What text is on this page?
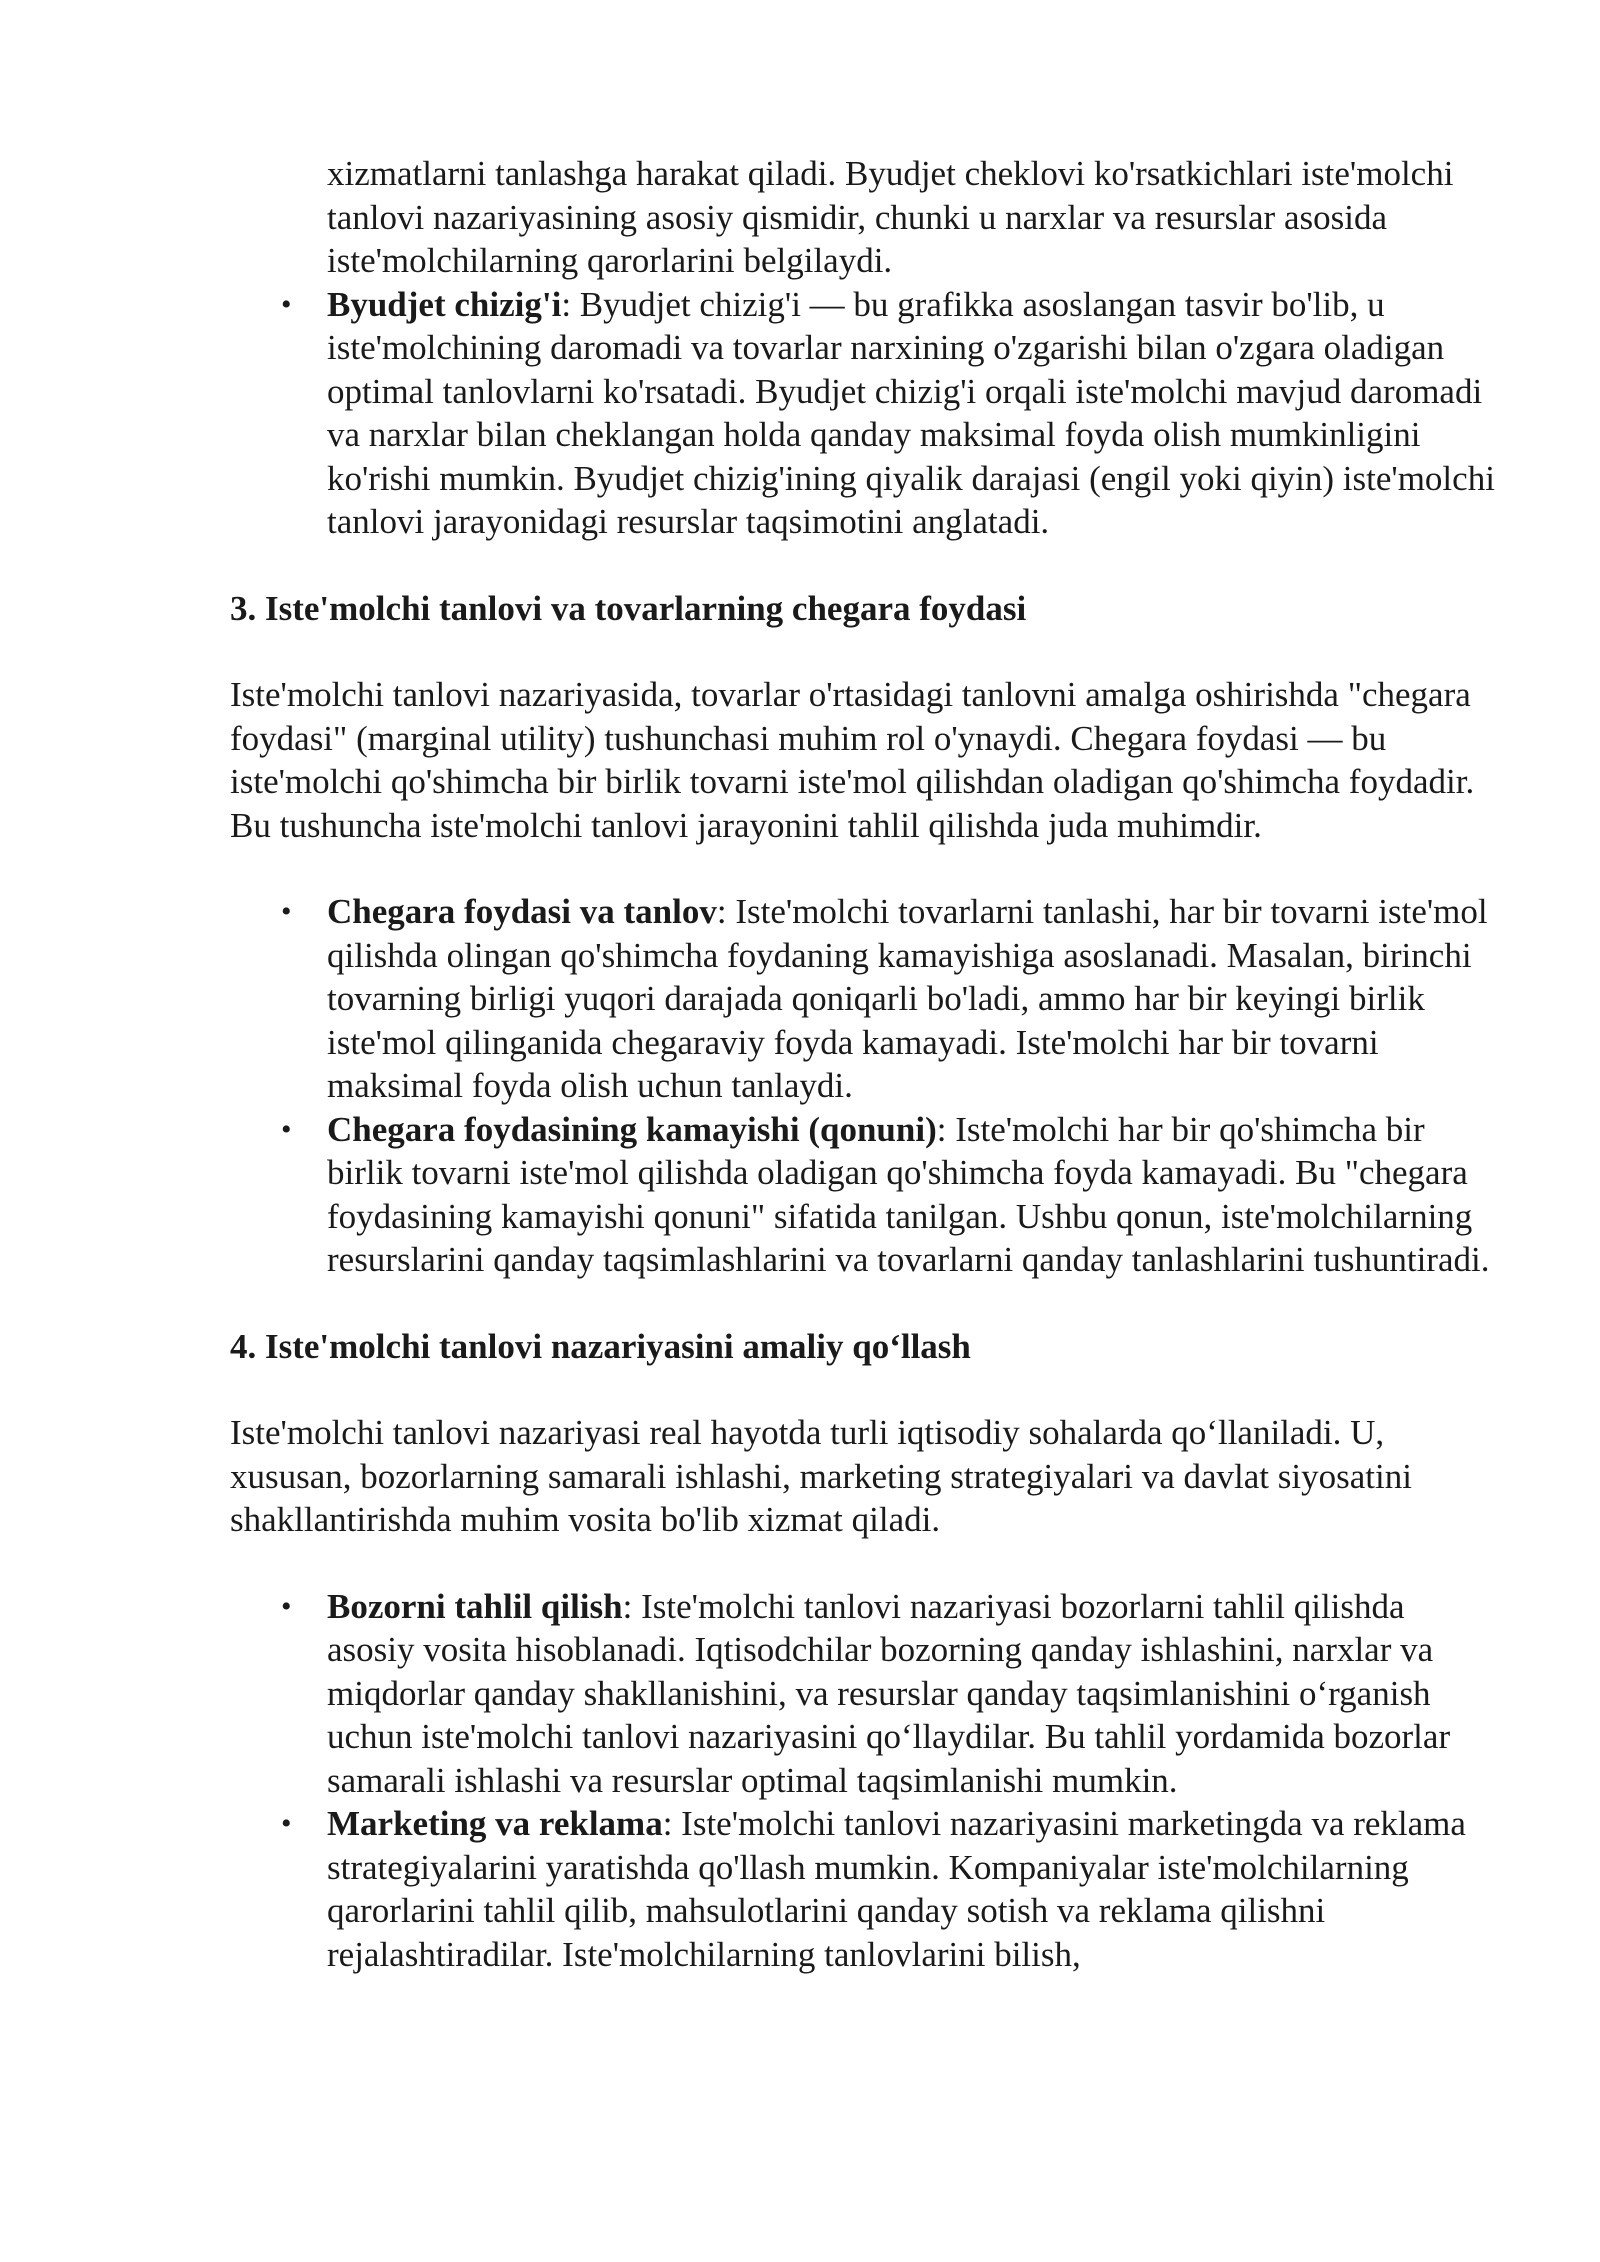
xizmatlarni tanlashga harakat qiladi. Byudjet cheklovi ko'rsatkichlari iste'molchi tanlovi nazariyasining asosiy qismidir, chunki u narxlar va resurslar asosida iste'molchilarning qarorlarini belgilaydi.

• Byudjet chizig'i: Byudjet chizig'i — bu grafikka asoslangan tasvir bo'lib, u iste'molchining daromadi va tovarlar narxining o'zgarishi bilan o'zgara oladigan optimal tanlovlarni ko'rsatadi. Byudjet chizig'i orqali iste'molchi mavjud daromadi va narxlar bilan cheklangan holda qanday maksimal foyda olish mumkinligini ko'rishi mumkin. Byudjet chizig'ining qiyalik darajasi (engil yoki qiyin) iste'molchi tanlovi jarayonidagi resurslar taqsimotini anglatadi.
3. Iste'molchi tanlovi va tovarlarning chegara foydasi

Iste'molchi tanlovi nazariyasida, tovarlar o'rtasidagi tanlovni amalga oshirishda "chegara foydasi" (marginal utility) tushunchasi muhim rol o'ynaydi. Chegara foydasi — bu iste'molchi qo'shimcha bir birlik tovarni iste'mol qilishdan oladigan qo'shimcha foydadir. Bu tushuncha iste'molchi tanlovi jarayonini tahlil qilishda juda muhimdir.

• Chegara foydasi va tanlov: Iste'molchi tovarlarni tanlashi, har bir tovarni iste'mol qilishda olingan qo'shimcha foydaning kamayishiga asoslanadi. Masalan, birinchi tovarning birligi yuqori darajada qoniqarli bo'ladi, ammo har bir keyingi birlik iste'mol qilinganida chegaraviy foyda kamayadi. Iste'molchi har bir tovarni maksimal foyda olish uchun tanlaydi.
• Chegara foydasining kamayishi (qonuni): Iste'molchi har bir qo'shimcha bir birlik tovarni iste'mol qilishda oladigan qo'shimcha foyda kamayadi. Bu "chegara foydasining kamayishi qonuni" sifatida tanilgan. Ushbu qonun, iste'molchilarning resurslarini qanday taqsimlashlarini va tovarlarni qanday tanlashlarini tushuntiradi.
4. Iste'molchi tanlovi nazariyasini amaliy qo‘llash

Iste'molchi tanlovi nazariyasi real hayotda turli iqtisodiy sohalarda qo‘llaniladi. U, xususan, bozorlarning samarali ishlashi, marketing strategiyalari va davlat siyosatini shakllantirishda muhim vosita bo'lib xizmat qiladi.

• Bozorni tahlil qilish: Iste'molchi tanlovi nazariyasi bozorlarni tahlil qilishda asosiy vosita hisoblanadi. Iqtisodchilar bozorning qanday ishlashini, narxlar va miqdorlar qanday shakllanishini, va resurslar qanday taqsimlanishini o‘rganish uchun iste'molchi tanlovi nazariyasini qo‘llaydilar. Bu tahlil yordamida bozorlar samarali ishlashi va resurslar optimal taqsimlanishi mumkin.
• Marketing va reklama: Iste'molchi tanlovi nazariyasini marketingda va reklama strategiyalarini yaratishda qo'llash mumkin. Kompaniyalar iste'molchilarning qarorlarini tahlil qilib, mahsulotlarini qanday sotish va reklama qilishni rejalashtiradilar. Iste'molchilarning tanlovlarini bilish,
